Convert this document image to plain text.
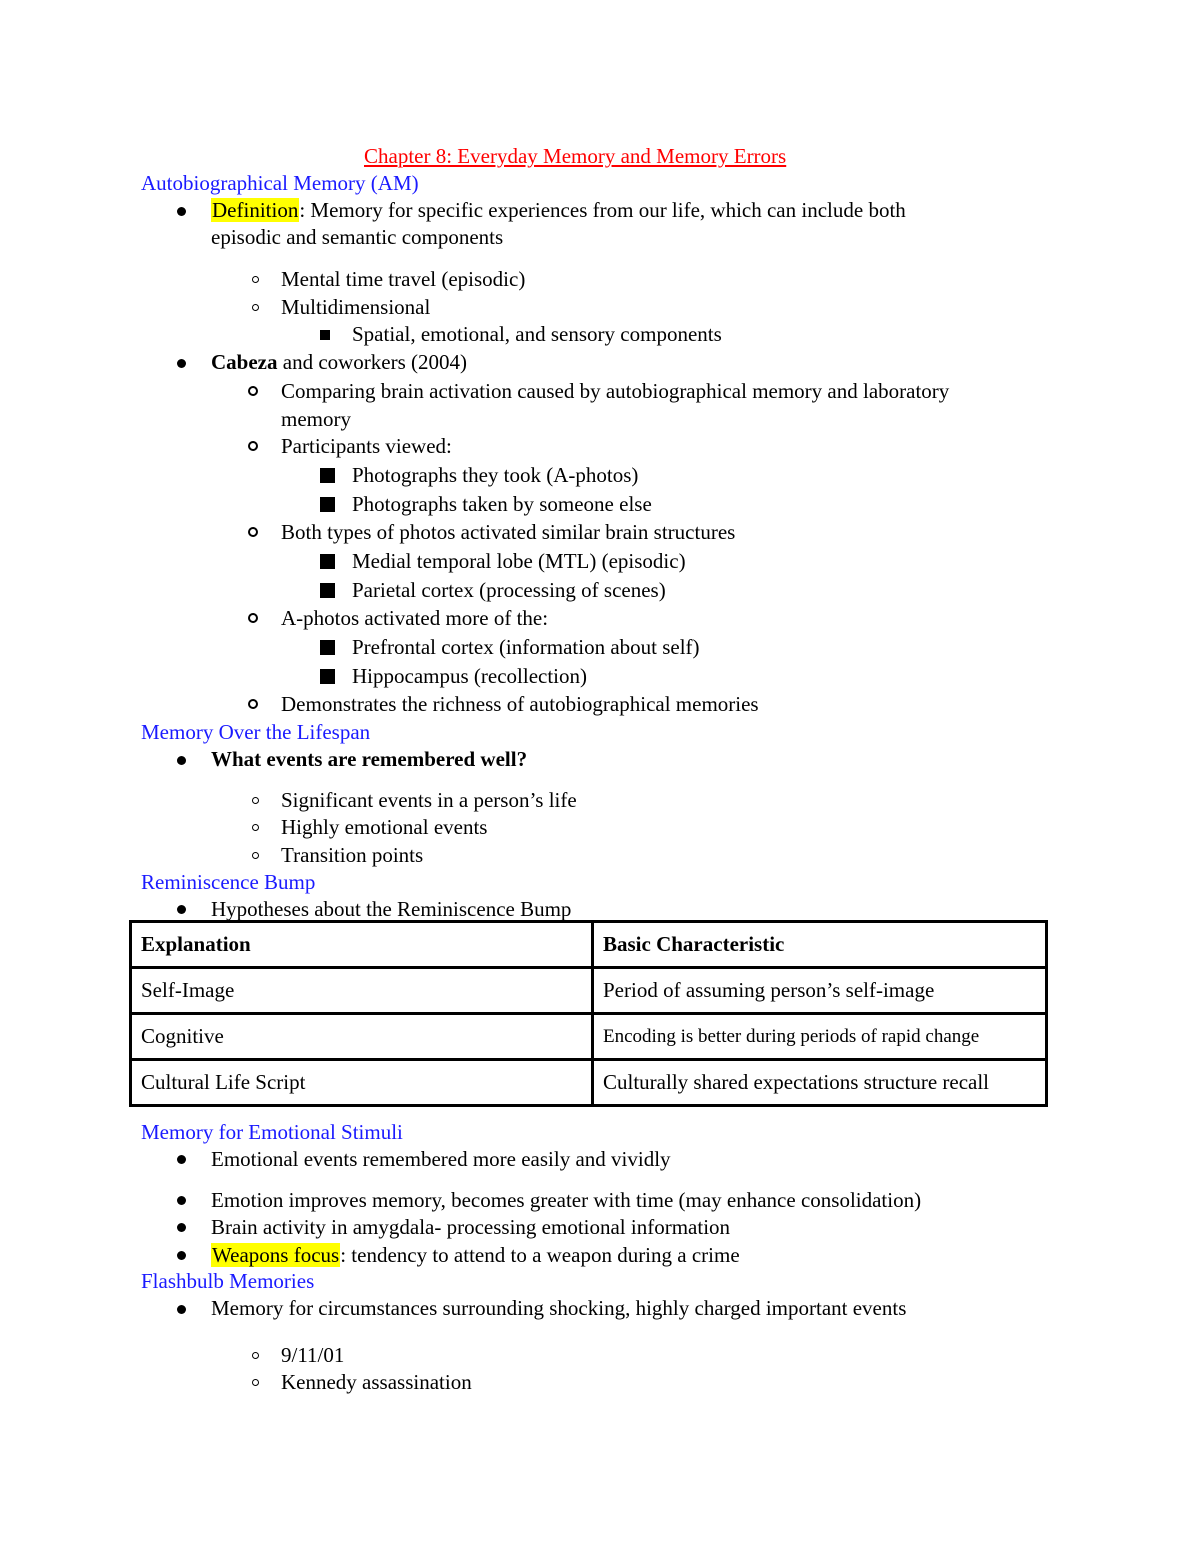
Chapter 8: Everyday Memory and Memory Errors
Autobiographical Memory (AM)
Definition: Memory for specific experiences from our life, which can include both
episodic and semantic components
Mental time travel (episodic)
Multidimensional
Spatial, emotional, and sensory components
Cabeza and coworkers (2004)
Comparing brain activation caused by autobiographical memory and laboratory
memory
Participants viewed:
Photographs they took (A-photos)
Photographs taken by someone else
Both types of photos activated similar brain structures
Medial temporal lobe (MTL) (episodic)
Parietal cortex (processing of scenes)
A-photos activated more of the:
Prefrontal cortex (information about self)
Hippocampus (recollection)
Demonstrates the richness of autobiographical memories
Memory Over the Lifespan
What events are remembered well?
Significant events in a person’s life
Highly emotional events
Transition points
Reminiscence Bump
Hypotheses about the Reminiscence Bump
Explanation	Basic Characteristic
Self-Image	Period of assuming person’s self-image
Cognitive	Encoding is better during periods of rapid change
Cultural Life Script	Culturally shared expectations structure recall
Memory for Emotional Stimuli
Emotional events remembered more easily and vividly
Emotion improves memory, becomes greater with time (may enhance consolidation)
Brain activity in amygdala- processing emotional information
Weapons focus: tendency to attend to a weapon during a crime
Flashbulb Memories
Memory for circumstances surrounding shocking, highly charged important events
9/11/01
Kennedy assassination
